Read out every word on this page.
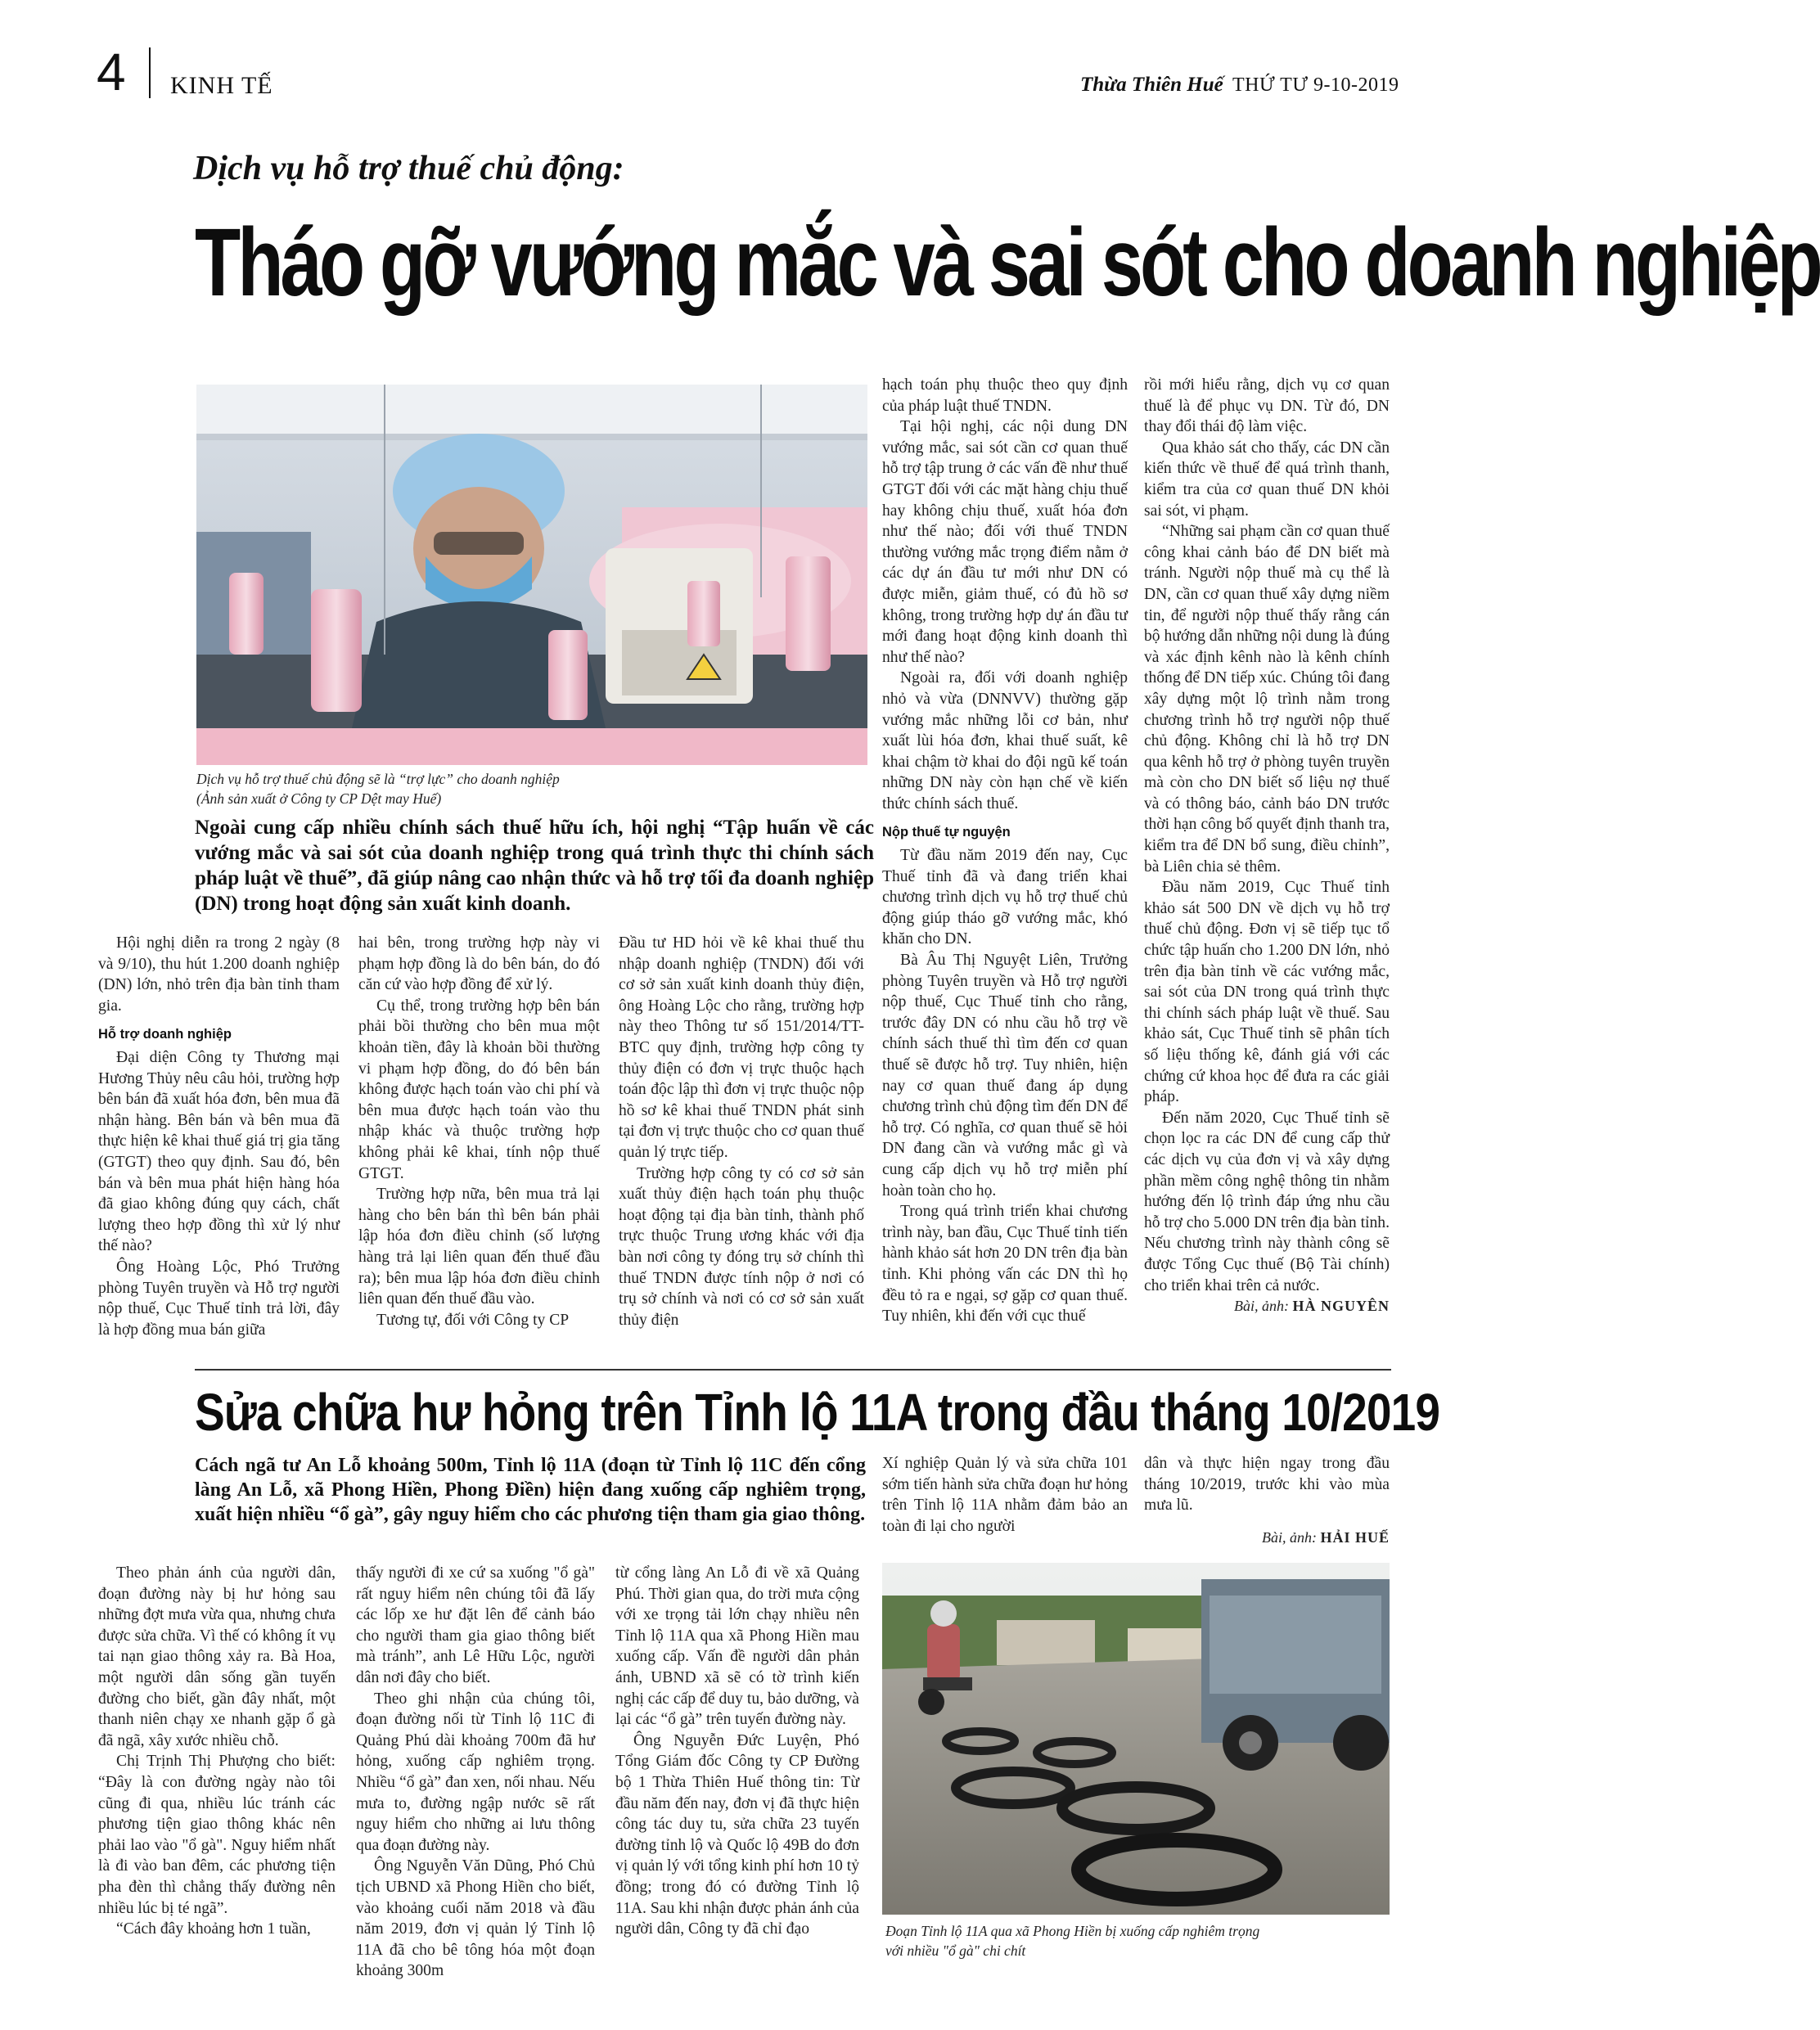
4 KINH TẾ	Thừa Thiên Huế THỨ TƯ 9-10-2019
Dịch vụ hỗ trợ thuế chủ động:
Tháo gỡ vướng mắc và sai sót cho doanh nghiệp
Dịch vụ hỗ trợ thuế chủ động sẽ là “trợ lực” cho doanh nghiệp
(Ảnh sản xuất ở Công ty CP Dệt may Huế)
Ngoài cung cấp nhiều chính sách thuế hữu ích, hội nghị “Tập huấn về các vướng mắc và sai sót của doanh nghiệp trong quá trình thực thi chính sách pháp luật về thuế”, đã giúp nâng cao nhận thức và hỗ trợ tối đa doanh nghiệp (DN) trong hoạt động sản xuất kinh doanh.

Hội nghị diễn ra trong 2 ngày (8 và 9/10), thu hút 1.200 doanh nghiệp (DN) lớn, nhỏ trên địa bàn tỉnh tham gia.

Hỗ trợ doanh nghiệp

Đại diện Công ty Thương mại Hương Thủy nêu câu hỏi, trường hợp bên bán đã xuất hóa đơn, bên mua đã nhận hàng. Bên bán và bên mua đã thực hiện kê khai thuế giá trị gia tăng (GTGT) theo quy định. Sau đó, bên bán và bên mua phát hiện hàng hóa đã giao không đúng quy cách, chất lượng theo hợp đồng thì xử lý như thế nào?

Ông Hoàng Lộc, Phó Trưởng phòng Tuyên truyền và Hỗ trợ người nộp thuế, Cục Thuế tỉnh trả lời, đây là hợp đồng mua bán giữa

hai bên, trong trường hợp này vi phạm hợp đồng là do bên bán, do đó căn cứ vào hợp đồng để xử lý.

Cụ thể, trong trường hợp bên bán phải bồi thường cho bên mua một khoản tiền, đây là khoản bồi thường vi phạm hợp đồng, do đó bên bán không được hạch toán vào chi phí và bên mua được hạch toán vào thu nhập khác và thuộc trường hợp không phải kê khai, tính nộp thuế GTGT.

Trường hợp nữa, bên mua trả lại hàng cho bên bán thì bên bán phải lập hóa đơn điều chỉnh (số lượng hàng trả lại liên quan đến thuế đầu ra); bên mua lập hóa đơn điều chỉnh liên quan đến thuế đầu vào.

Tương tự, đối với Công ty CP

Đầu tư HD hỏi về kê khai thuế thu nhập doanh nghiệp (TNDN) đối với cơ sở sản xuất kinh doanh thủy điện, ông Hoàng Lộc cho rằng, trường hợp này theo Thông tư số 151/2014/TT-BTC quy định, trường hợp công ty thủy điện có đơn vị trực thuộc hạch toán độc lập thì đơn vị trực thuộc nộp hồ sơ kê khai thuế TNDN phát sinh tại đơn vị trực thuộc cho cơ quan thuế quản lý trực tiếp.

Trường hợp công ty có cơ sở sản xuất thủy điện hạch toán phụ thuộc hoạt động tại địa bàn tỉnh, thành phố trực thuộc Trung ương khác với địa bàn nơi công ty đóng trụ sở chính thì thuế TNDN được tính nộp ở nơi có trụ sở chính và nơi có cơ sở sản xuất thủy điện

hạch toán phụ thuộc theo quy định của pháp luật thuế TNDN.

Tại hội nghị, các nội dung DN vướng mắc, sai sót cần cơ quan thuế hỗ trợ tập trung ở các vấn đề như thuế GTGT đối với các mặt hàng chịu thuế hay không chịu thuế, xuất hóa đơn như thế nào; đối với thuế TNDN thường vướng mắc trọng điểm nằm ở các dự án đầu tư mới như DN có được miễn, giảm thuế, có đủ hồ sơ không, trong trường hợp dự án đầu tư mới đang hoạt động kinh doanh thì như thế nào?

Ngoài ra, đối với doanh nghiệp nhỏ và vừa (DNNVV) thường gặp vướng mắc những lỗi cơ bản, như xuất lùi hóa đơn, khai thuế suất, kê khai chậm tờ khai do đội ngũ kế toán những DN này còn hạn chế về kiến thức chính sách thuế.

Nộp thuế tự nguyện

Từ đầu năm 2019 đến nay, Cục Thuế tỉnh đã và đang triển khai chương trình dịch vụ hỗ trợ thuế chủ động giúp tháo gỡ vướng mắc, khó khăn cho DN.

Bà Âu Thị Nguyệt Liên, Trưởng phòng Tuyên truyền và Hỗ trợ người nộp thuế, Cục Thuế tỉnh cho rằng, trước đây DN có nhu cầu hỗ trợ về chính sách thuế thì tìm đến cơ quan thuế sẽ được hỗ trợ. Tuy nhiên, hiện nay cơ quan thuế đang áp dụng chương trình chủ động tìm đến DN để hỗ trợ. Có nghĩa, cơ quan thuế sẽ hỏi DN đang cần và vướng mắc gì và cung cấp dịch vụ hỗ trợ miễn phí hoàn toàn cho họ.

Trong quá trình triển khai chương trình này, ban đầu, Cục Thuế tỉnh tiến hành khảo sát hơn 20 DN trên địa bàn tỉnh. Khi phỏng vấn các DN thì họ đều tỏ ra e ngại, sợ gặp cơ quan thuế. Tuy nhiên, khi đến với cục thuế

rồi mới hiểu rằng, dịch vụ cơ quan thuế là để phục vụ DN. Từ đó, DN thay đổi thái độ làm việc.

Qua khảo sát cho thấy, các DN cần kiến thức về thuế để quá trình thanh, kiểm tra của cơ quan thuế DN khỏi sai sót, vi phạm.

“Những sai phạm cần cơ quan thuế công khai cảnh báo để DN biết mà tránh. Người nộp thuế mà cụ thể là DN, cần cơ quan thuế xây dựng niềm tin, để người nộp thuế thấy rằng cán bộ hướng dẫn những nội dung là đúng và xác định kênh nào là kênh chính thống để DN tiếp xúc. Chúng tôi đang xây dựng một lộ trình nằm trong chương trình hỗ trợ người nộp thuế chủ động. Không chỉ là hỗ trợ DN qua kênh hỗ trợ ở phòng tuyên truyền mà còn cho DN biết số liệu nợ thuế và có thông báo, cảnh báo DN trước thời hạn công bố quyết định thanh tra, kiểm tra để DN bổ sung, điều chỉnh”, bà Liên chia sẻ thêm.

Đầu năm 2019, Cục Thuế tỉnh khảo sát 500 DN về dịch vụ hỗ trợ thuế chủ động. Đơn vị sẽ tiếp tục tổ chức tập huấn cho 1.200 DN lớn, nhỏ trên địa bàn tỉnh về các vướng mắc, sai sót của DN trong quá trình thực thi chính sách pháp luật về thuế. Sau khảo sát, Cục Thuế tỉnh sẽ phân tích số liệu thống kê, đánh giá với các chứng cứ khoa học để đưa ra các giải pháp.

Đến năm 2020, Cục Thuế tỉnh sẽ chọn lọc ra các DN để cung cấp thử các dịch vụ của đơn vị và xây dựng phần mềm công nghệ thông tin nhằm hướng đến lộ trình đáp ứng nhu cầu hỗ trợ cho 5.000 DN trên địa bàn tỉnh. Nếu chương trình này thành công sẽ được Tổng Cục thuế (Bộ Tài chính) cho triển khai trên cả nước.

Bài, ảnh: HÀ NGUYÊN

Sửa chữa hư hỏng trên Tỉnh lộ 11A trong đầu tháng 10/2019
Cách ngã tư An Lỗ khoảng 500m, Tỉnh lộ 11A (đoạn từ Tỉnh lộ 11C đến cổng làng An Lỗ, xã Phong Hiền, Phong Điền) hiện đang xuống cấp nghiêm trọng, xuất hiện nhiều “ổ gà”, gây nguy hiểm cho các phương tiện tham gia giao thông.

Xí nghiệp Quản lý và sửa chữa 101 sớm tiến hành sửa chữa đoạn hư hỏng trên Tỉnh lộ 11A nhằm đảm bảo an toàn đi lại cho người

dân và thực hiện ngay trong đầu tháng 10/2019, trước khi vào mùa mưa lũ.

Bài, ảnh: HẢI HUẾ

Theo phản ánh của người dân, đoạn đường này bị hư hỏng sau những đợt mưa vừa qua, nhưng chưa được sửa chữa. Vì thế có không ít vụ tai nạn giao thông xảy ra. Bà Hoa, một người dân sống gần tuyến đường cho biết, gần đây nhất, một thanh niên chạy xe nhanh gặp ổ gà đã ngã, xây xước nhiều chỗ.

Chị Trịnh Thị Phượng cho biết: “Đây là con đường ngày nào tôi cũng đi qua, nhiều lúc tránh các phương tiện giao thông khác nên phải lao vào "ổ gà". Nguy hiểm nhất là đi vào ban đêm, các phương tiện pha đèn thì chẳng thấy đường nên nhiều lúc bị té ngã”.

“Cách đây khoảng hơn 1 tuần,

thấy người đi xe cứ sa xuống "ổ gà" rất nguy hiểm nên chúng tôi đã lấy các lốp xe hư đặt lên để cảnh báo cho người tham gia giao thông biết mà tránh”, anh Lê Hữu Lộc, người dân nơi đây cho biết.

Theo ghi nhận của chúng tôi, đoạn đường nối từ Tỉnh lộ 11C đi Quảng Phú dài khoảng 700m đã hư hỏng, xuống cấp nghiêm trọng. Nhiều “ổ gà” đan xen, nối nhau. Nếu mưa to, đường ngập nước sẽ rất nguy hiểm cho những ai lưu thông qua đoạn đường này.

Ông Nguyễn Văn Dũng, Phó Chủ tịch UBND xã Phong Hiền cho biết, vào khoảng cuối năm 2018 và đầu năm 2019, đơn vị quản lý Tỉnh lộ 11A đã cho bê tông hóa một đoạn khoảng 300m

từ cổng làng An Lỗ đi về xã Quảng Phú. Thời gian qua, do trời mưa cộng với xe trọng tải lớn chạy nhiều nên Tỉnh lộ 11A qua xã Phong Hiền mau xuống cấp. Vấn đề người dân phản ánh, UBND xã sẽ có tờ trình kiến nghị các cấp để duy tu, bảo dưỡng, và lại các “ổ gà” trên tuyến đường này.

Ông Nguyễn Đức Luyện, Phó Tổng Giám đốc Công ty CP Đường bộ 1 Thừa Thiên Huế thông tin: Từ đầu năm đến nay, đơn vị đã thực hiện công tác duy tu, sửa chữa 23 tuyến đường tỉnh lộ và Quốc lộ 49B do đơn vị quản lý với tổng kinh phí hơn 10 tỷ đồng; trong đó có đường Tỉnh lộ 11A. Sau khi nhận được phản ánh của người dân, Công ty đã chỉ đạo	Đoạn Tỉnh lộ 11A qua xã Phong Hiền bị xuống cấp nghiêm trọng
với nhiều "ổ gà" chi chít
